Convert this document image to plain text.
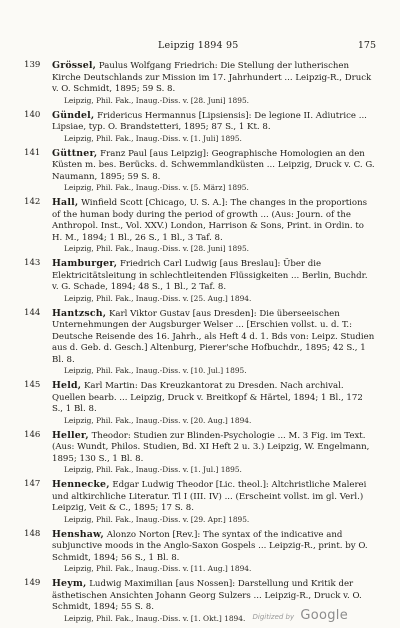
Leipzig 1894 95	175
139	Grössel, Paulus Wolfgang Friedrich: Die Stellung der lutherischen Kirche Deutschlands zur Mission im 17. Jahrhundert ... Leipzig-R., Druck v. O. Schmidt, 1895; 59 S. 8.
Leipzig, Phil. Fak., Inaug.-Diss. v. [28. Juni] 1895.
140	Gündel, Fridericus Hermannus [Lipsiensis]: De legione II. Adiutrice ... Lipsiae, typ. O. Brandstetteri, 1895; 87 S., 1 Kt. 8.
Leipzig, Phil. Fak., Inaug.-Diss. v. [1. Juli] 1895.
141	Güttner, Franz Paul [aus Leipzig]: Geographische Homologien an den Küsten m. bes. Berücks. d. Schwemmlandküsten ... Leipzig, Druck v. C. G. Naumann, 1895; 59 S. 8.
Leipzig, Phil. Fak., Inaug.-Diss. v. [5. März] 1895.
142	Hall, Winfield Scott [Chicago, U. S. A.]: The changes in the proportions of the human body during the period of growth ... (Aus: Journ. of the Anthropol. Inst., Vol. XXV.) London, Harrison & Sons, Print. in Ordin. to H. M., 1894; 1 Bl., 26 S., 1 Bl., 3 Taf. 8.
Leipzig, Phil. Fak., Inaug.-Diss. v. [28. Juni] 1895.
143	Hamburger, Friedrich Carl Ludwig [aus Breslau]: Über die Elektricitätsleitung in schlechtleitenden Flüssigkeiten ... Berlin, Buchdr. v. G. Schade, 1894; 48 S., 1 Bl., 2 Taf. 8.
Leipzig, Phil. Fak., Inaug.-Diss. v. [25. Aug.] 1894.
144	Hantzsch, Karl Viktor Gustav [aus Dresden]: Die überseeischen Unternehmungen der Augsburger Welser ... [Erschien vollst. u. d. T.: Deutsche Reisende des 16. Jahrh., als Heft 4 d. 1. Bds von: Leipz. Studien aus d. Geb. d. Gesch.] Altenburg, Pierer'sche Hofbuchdr., 1895; 42 S., 1 Bl. 8.
Leipzig, Phil. Fak., Inaug.-Diss. v. [10. Jul.] 1895.
145	Held, Karl Martin: Das Kreuzkantorat zu Dresden. Nach archival. Quellen bearb. ... Leipzig, Druck v. Breitkopf & Härtel, 1894; 1 Bl., 172 S., 1 Bl. 8.
Leipzig, Phil. Fak., Inaug.-Diss. v. [20. Aug.] 1894.
146	Heller, Theodor: Studien zur Blinden-Psychologie ... M. 3 Fig. im Text. (Aus: Wundt, Philos. Studien, Bd. XI Heft 2 u. 3.) Leipzig, W. Engelmann, 1895; 130 S., 1 Bl. 8.
Leipzig, Phil. Fak., Inaug.-Diss. v. [1. Jul.] 1895.
147	Hennecke, Edgar Ludwig Theodor [Lic. theol.]: Altchristliche Malerei und altkirchliche Literatur. Tl I (III. IV) ... (Erscheint vollst. im gl. Verl.) Leipzig, Veit & C., 1895; 17 S. 8.
Leipzig, Phil. Fak., Inaug.-Diss. v. [29. Apr.] 1895.
148	Henshaw, Alonzo Norton [Rev.]: The syntax of the indicative and subjunctive moods in the Anglo-Saxon Gospels ... Leipzig-R., print. by O. Schmidt, 1894; 56 S., 1 Bl. 8.
Leipzig, Phil. Fak., Inaug.-Diss. v. [11. Aug.] 1894.
149	Heym, Ludwig Maximilian [aus Nossen]: Darstellung und Kritik der ästhetischen Ansichten Johann Georg Sulzers ... Leipzig-R., Druck v. O. Schmidt, 1894; 55 S. 8.
Leipzig, Phil. Fak., Inaug.-Diss. v. [1. Okt.] 1894.	Digitized by Google
